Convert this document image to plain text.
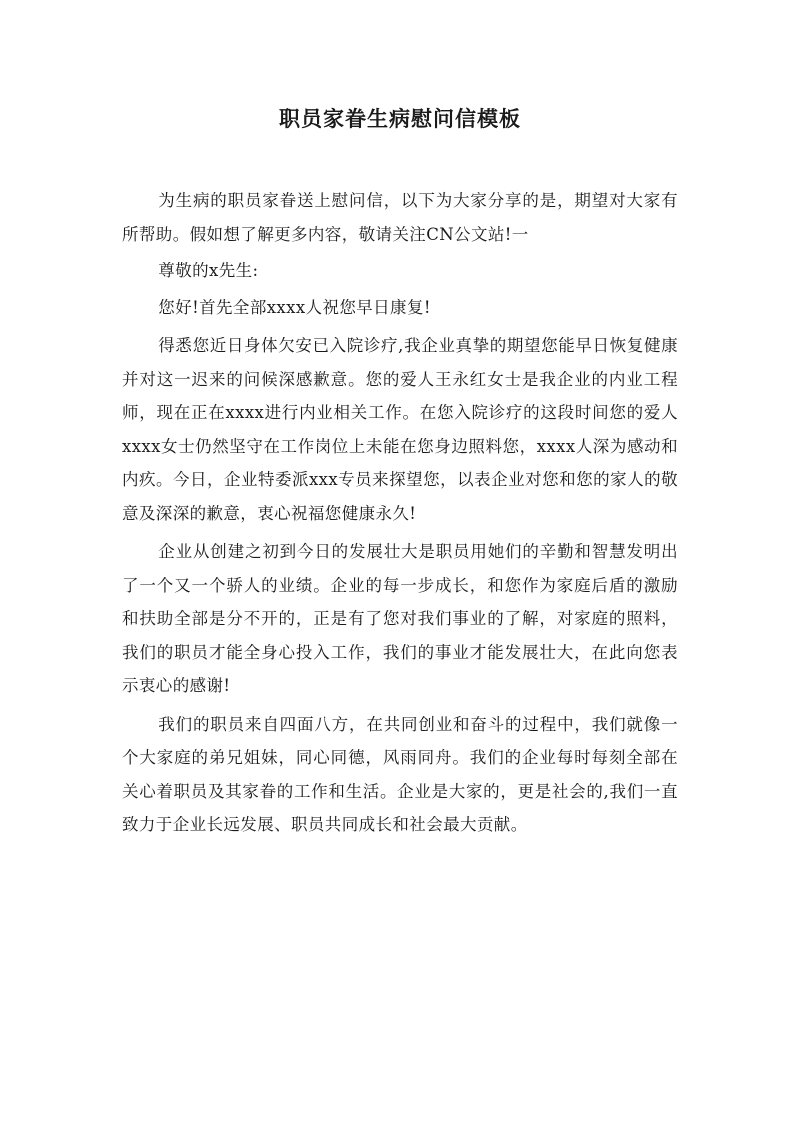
职员家眷生病慰问信模板

为生病的职员家眷送上慰问信，以下为大家分享的是，期望对大家有所帮助。假如想了解更多内容，敬请关注CN公文站!一

尊敬的x先生:

您好!首先全部xxxx人祝您早日康复!

得悉您近日身体欠安已入院诊疗,我企业真挚的期望您能早日恢复健康并对这一迟来的问候深感歉意。您的爱人王永红女士是我企业的内业工程师，现在正在xxxx进行内业相关工作。在您入院诊疗的这段时间您的爱人xxxx女士仍然坚守在工作岗位上未能在您身边照料您，xxxx人深为感动和内疚。今日，企业特委派xxx专员来探望您，以表企业对您和您的家人的敬意及深深的歉意，衷心祝福您健康永久!

企业从创建之初到今日的发展壮大是职员用她们的辛勤和智慧发明出了一个又一个骄人的业绩。企业的每一步成长，和您作为家庭后盾的激励和扶助全部是分不开的，正是有了您对我们事业的了解，对家庭的照料，我们的职员才能全身心投入工作，我们的事业才能发展壮大，在此向您表示衷心的感谢!

我们的职员来自四面八方，在共同创业和奋斗的过程中，我们就像一个大家庭的弟兄姐妹，同心同德，风雨同舟。我们的企业每时每刻全部在关心着职员及其家眷的工作和生活。企业是大家的，更是社会的,我们一直致力于企业长远发展、职员共同成长和社会最大贡献。
